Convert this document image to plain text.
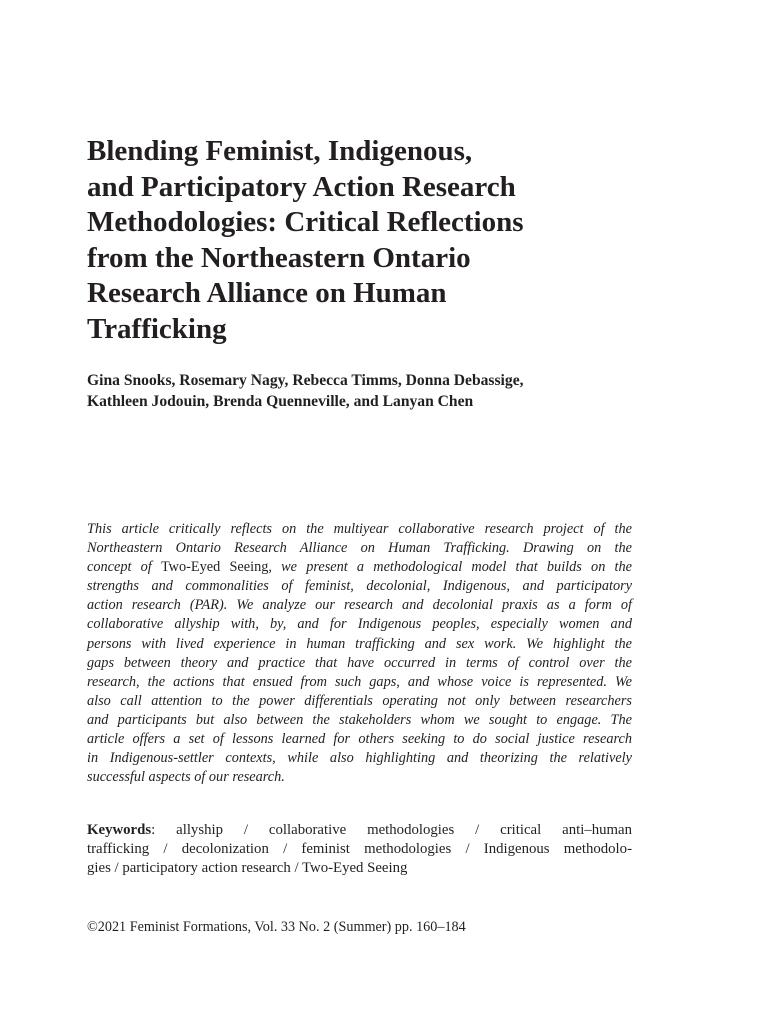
Blending Feminist, Indigenous,
and Participatory Action Research
Methodologies: Critical Reflections
from the Northeastern Ontario
Research Alliance on Human
Trafficking
Gina Snooks, Rosemary Nagy, Rebecca Timms, Donna Debassige,
Kathleen Jodouin, Brenda Quenneville, and Lanyan Chen
This article critically reflects on the multiyear collaborative research project of the
Northeastern Ontario Research Alliance on Human Trafficking. Drawing on the
concept of Two-Eyed Seeing, we present a methodological model that builds on the
strengths and commonalities of feminist, decolonial, Indigenous, and participatory
action research (PAR). We analyze our research and decolonial praxis as a form of
collaborative allyship with, by, and for Indigenous peoples, especially women and
persons with lived experience in human trafficking and sex work. We highlight the
gaps between theory and practice that have occurred in terms of control over the
research, the actions that ensued from such gaps, and whose voice is represented. We
also call attention to the power differentials operating not only between researchers
and participants but also between the stakeholders whom we sought to engage. The
article offers a set of lessons learned for others seeking to do social justice research
in Indigenous-settler contexts, while also highlighting and theorizing the relatively
successful aspects of our research.
Keywords: allyship / collaborative methodologies / critical anti–human
trafficking / decolonization / feminist methodologies / Indigenous methodolo-
gies / participatory action research / Two-Eyed Seeing
©2021 Feminist Formations, Vol. 33 No. 2 (Summer) pp. 160–184
